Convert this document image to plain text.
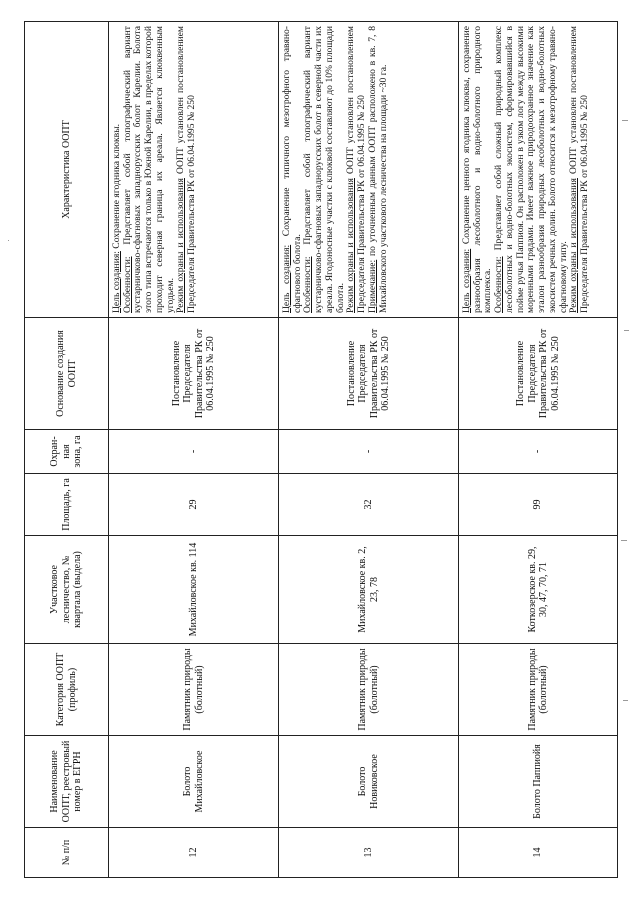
№ п/п	Наименование ООПТ, реестровый номер в ЕГРН	Категория ООПТ (профиль)	Участковое лесничество, № квартала (выдела)	Площадь, га	Охран-ная зона, га	Основание создания ООПТ	Характеристика ООПТ
12	Болото Михайловское	Памятник природы (болотный)	Михайловское кв. 114	29	-	Постановление Председателя Правительства РК от 06.04.1995 № 250	Цель создания: Сохранение ягодника клюквы.

Особенности: Представляет собой топографический вариант кустарничково-сфагновых западнорусских болот Карелии. Болота этого типа встречаются только в Южной Карелии, в пределах которой проходит северная граница их ареала. Является клюквенным угодьем. Режим охраны и использования ООПТ установлен постановлением Председателя Правительства РК от 06.04.1995 № 250

13	Болото Новиковское	Памятник природы (болотный)	Михайловское кв. 2, 23, 78	32	-	Постановление Председателя Правительства РК от 06.04.1995 № 250	Цель создания: Сохранение типичного мезотрофного травяно-сфагнового болота. Особенности: Представляет собой топографический вариант кустарничково-сфагновых западнорусских болот в северной части их ареала. Ягодоносные участки с клюквой составляют до 10% площади болота. Режим охраны и использования ООПТ установлен постановлением Председателя Правительства РК от 06.04.1995 № 250 Примечание: по уточненным данным ООПТ расположено в кв. 7, 8 Михайловского участкового лесничества на площади ~30 га.

14	Болото Паппиойя	Памятник природы (болотный)	Коткозерское кв. 29, 30, 47, 70, 71	99	-	Постановление Председателя Правительства РК от 06.04.1995 № 250	Цель создания: Сохранение ценного ягодника клюквы, сохранение разнообразия лесоболотного и водно-болотного природного комплекса. Особенности: Представляет собой сложный природный комплекс лесоболотных и водно-болотных экосистем, сформировавшийся в пойме ручья Паппиоя. Он расположен в узком логу между высокими моренными грядами. Имеет важное природоохранное значение как эталон разнообразия природных лесоболотных и водно-болотных экосистем речных долин. Болото относится к мезотрофному травяно-сфагновому типу. Режим охраны и использования ООПТ установлен постановлением Председателя Правительства РК от 06.04.1995 № 250
